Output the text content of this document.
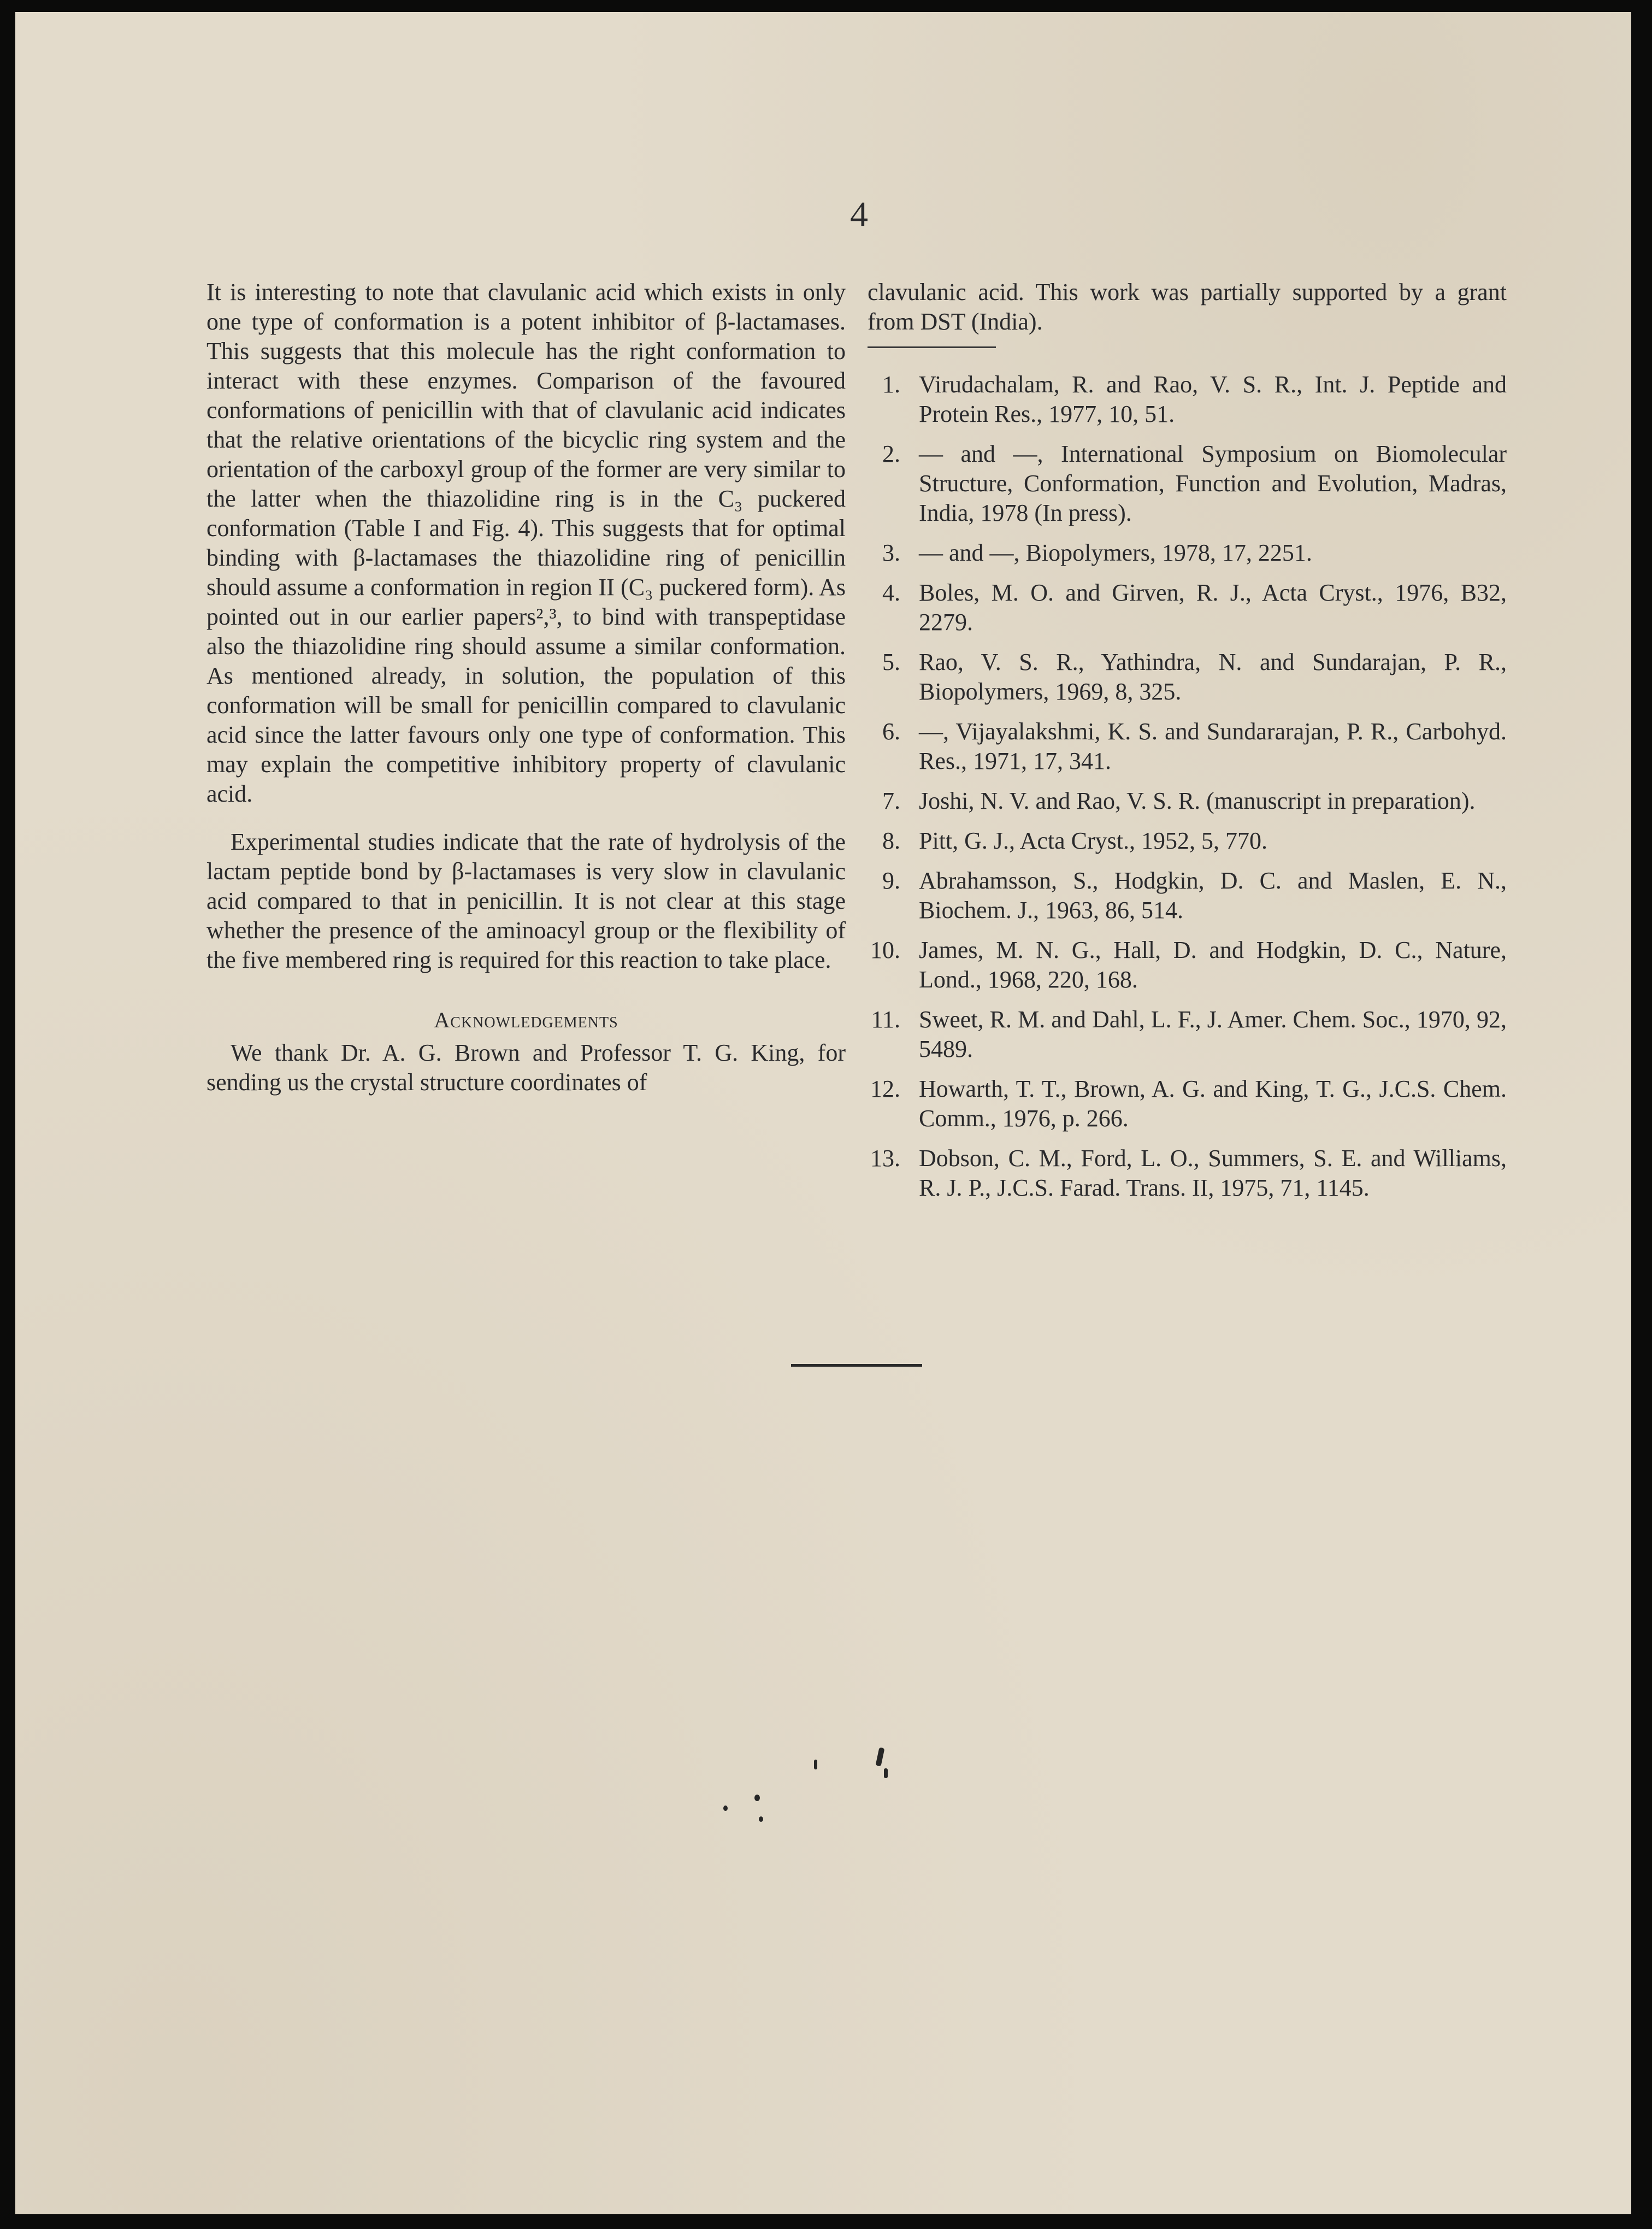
4

It is interesting to note that clavulanic acid which exists in only one type of conformation is a potent inhibitor of β-lactamases. This suggests that this molecule has the right conformation to interact with these enzymes. Comparison of the favoured conformations of penicillin with that of clavulanic acid indicates that the relative orientations of the bicyclic ring system and the orientation of the carboxyl group of the former are very similar to the latter when the thiazolidine ring is in the C₃ puckered conformation (Table I and Fig. 4). This suggests that for optimal binding with β-lactamases the thiazolidine ring of penicillin should assume a conformation in region II (C₃ puckered form). As pointed out in our earlier papers²,³, to bind with transpeptidase also the thiazolidine ring should assume a similar conformation. As mentioned already, in solution, the population of this conformation will be small for penicillin compared to clavulanic acid since the latter favours only one type of conformation. This may explain the competitive inhibitory property of clavulanic acid.

Experimental studies indicate that the rate of hydrolysis of the lactam peptide bond by β-lactamases is very slow in clavulanic acid compared to that in penicillin. It is not clear at this stage whether the presence of the aminoacyl group or the flexibility of the five membered ring is required for this reaction to take place.

Acknowledgements

We thank Dr. A. G. Brown and Professor T. G. King, for sending us the crystal structure coordinates of

clavulanic acid. This work was partially supported by a grant from DST (India).

1. Virudachalam, R. and Rao, V. S. R., Int. J. Peptide and Protein Res., 1977, 10, 51.
2. — and —, International Symposium on Biomolecular Structure, Conformation, Function and Evolution, Madras, India, 1978 (In press).
3. — and —, Biopolymers, 1978, 17, 2251.
4. Boles, M. O. and Girven, R. J., Acta Cryst., 1976, B32, 2279.
5. Rao, V. S. R., Yathindra, N. and Sundarajan, P. R., Biopolymers, 1969, 8, 325.
6. —, Vijayalakshmi, K. S. and Sundararajan, P. R., Carbohyd. Res., 1971, 17, 341.
7. Joshi, N. V. and Rao, V. S. R. (manuscript in preparation).
8. Pitt, G. J., Acta Cryst., 1952, 5, 770.
9. Abrahamsson, S., Hodgkin, D. C. and Maslen, E. N., Biochem. J., 1963, 86, 514.
10. James, M. N. G., Hall, D. and Hodgkin, D. C., Nature, Lond., 1968, 220, 168.
11. Sweet, R. M. and Dahl, L. F., J. Amer. Chem. Soc., 1970, 92, 5489.
12. Howarth, T. T., Brown, A. G. and King, T. G., J.C.S. Chem. Comm., 1976, p. 266.
13. Dobson, C. M., Ford, L. O., Summers, S. E. and Williams, R. J. P., J.C.S. Farad. Trans. II, 1975, 71, 1145.
